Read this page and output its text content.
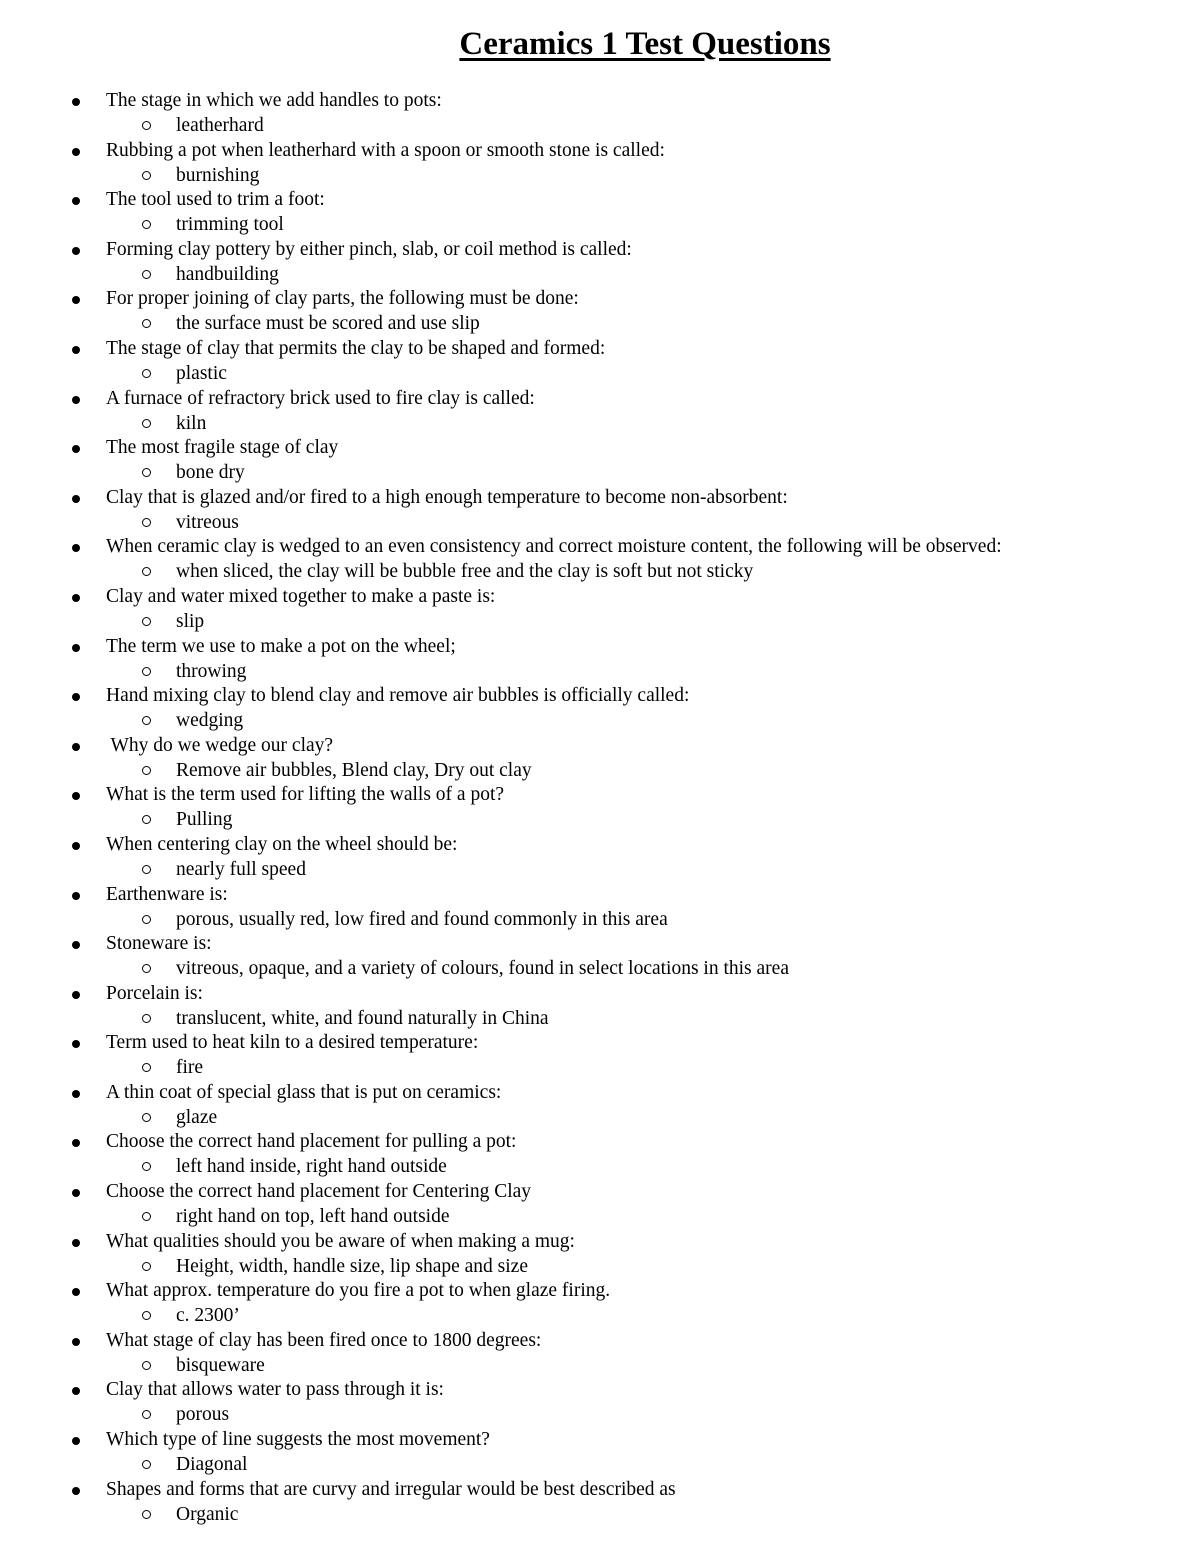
Ceramics 1 Test Questions
The stage in which we add handles to pots:
leatherhard
Rubbing a pot when leatherhard with a spoon or smooth stone is called:
burnishing
The tool used to trim a foot:
trimming tool
Forming clay pottery by either pinch, slab, or coil method is called:
handbuilding
For proper joining of clay parts, the following must be done:
the surface must be scored and use slip
The stage of clay that permits the clay to be shaped and formed:
plastic
A furnace of refractory brick used to fire clay is called:
kiln
The most fragile stage of clay
bone dry
Clay that is glazed and/or fired to a high enough temperature to become non-absorbent:
vitreous
When ceramic clay is wedged to an even consistency and correct moisture content, the following will be observed:
when sliced, the clay will be bubble free and the clay is soft but not sticky
Clay and water mixed together to make a paste is:
slip
The term we use to make a pot on the wheel;
throwing
Hand mixing clay to blend clay and remove air bubbles is officially called:
wedging
Why do we wedge our clay?
Remove air bubbles, Blend clay, Dry out clay
What is the term used for lifting the walls of a pot?
Pulling
When centering clay on the wheel should be:
nearly full speed
Earthenware is:
porous, usually red, low fired and found commonly in this area
Stoneware is:
vitreous, opaque, and a variety of colours, found in select locations in this area
Porcelain is:
translucent, white, and found naturally in China
Term used to heat kiln to a desired temperature:
fire
A thin coat of special glass that is put on ceramics:
glaze
Choose the correct hand placement for pulling a pot:
left hand inside, right hand outside
Choose the correct hand placement for Centering Clay
right hand on top, left hand outside
What qualities should you be aware of when making a mug:
Height, width, handle size, lip shape and size
What approx. temperature do you fire a pot to when glaze firing.
c. 2300’
What stage of clay has been fired once to 1800 degrees:
bisqueware
Clay that allows water to pass through it is:
porous
Which type of line suggests the most movement?
Diagonal
Shapes and forms that are curvy and irregular would be best described as
Organic
